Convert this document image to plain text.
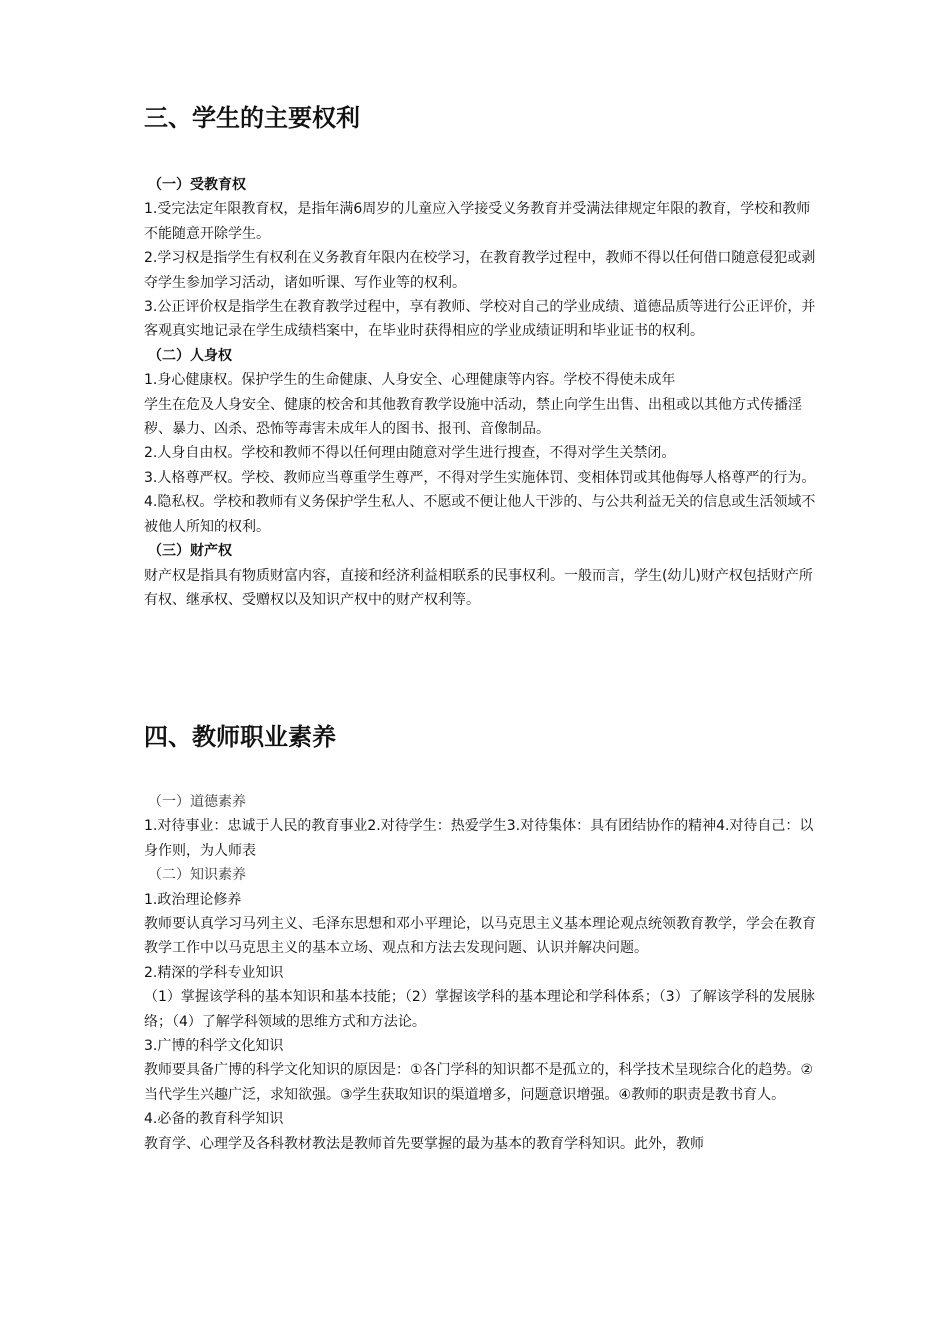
三、学生的主要权利

（一）受教育权

1.受完法定年限教育权，是指年满6周岁的儿童应入学接受义务教育并受满法律规定年限的教育，学校和教师不能随意开除学生。

2.学习权是指学生有权利在义务教育年限内在校学习，在教育教学过程中，教师不得以任何借口随意侵犯或剥夺学生参加学习活动，诸如听课、写作业等的权利。

3.公正评价权是指学生在教育教学过程中，享有教师、学校对自己的学业成绩、道德品质等进行公正评价，并客观真实地记录在学生成绩档案中，在毕业时获得相应的学业成绩证明和毕业证书的权利。

（二）人身权

1.身心健康权。保护学生的生命健康、人身安全、心理健康等内容。学校不得使未成年

学生在危及人身安全、健康的校舍和其他教育教学设施中活动，禁止向学生出售、出租或以其他方式传播淫秽、暴力、凶杀、恐怖等毒害未成年人的图书、报刊、音像制品。

2.人身自由权。学校和教师不得以任何理由随意对学生进行搜查，不得对学生关禁闭。

3.人格尊严权。学校、教师应当尊重学生尊严，不得对学生实施体罚、变相体罚或其他侮辱人格尊严的行为。

4.隐私权。学校和教师有义务保护学生私人、不愿或不便让他人干涉的、与公共利益无关的信息或生活领域不被他人所知的权利。

（三）财产权

财产权是指具有物质财富内容，直接和经济利益相联系的民事权利。一般而言，学生(幼儿)财产权包括财产所有权、继承权、受赠权以及知识产权中的财产权利等。

四、教师职业素养

（一）道德素养

1.对待事业：忠诚于人民的教育事业2.对待学生：热爱学生3.对待集体：具有团结协作的精神4.对待自己：以身作则，为人师表

（二）知识素养

1.政治理论修养

教师要认真学习马列主义、毛泽东思想和邓小平理论，以马克思主义基本理论观点统领教育教学，学会在教育教学工作中以马克思主义的基本立场、观点和方法去发现问题、认识并解决问题。

2.精深的学科专业知识

（1）掌握该学科的基本知识和基本技能；（2）掌握该学科的基本理论和学科体系；（3）了解该学科的发展脉络；（4）了解学科领域的思维方式和方法论。

3.广博的科学文化知识

教师要具备广博的科学文化知识的原因是：①各门学科的知识都不是孤立的，科学技术呈现综合化的趋势。②当代学生兴趣广泛，求知欲强。③学生获取知识的渠道增多，问题意识增强。④教师的职责是教书育人。

4.必备的教育科学知识

教育学、心理学及各科教材教法是教师首先要掌握的最为基本的教育学科知识。此外，教师
